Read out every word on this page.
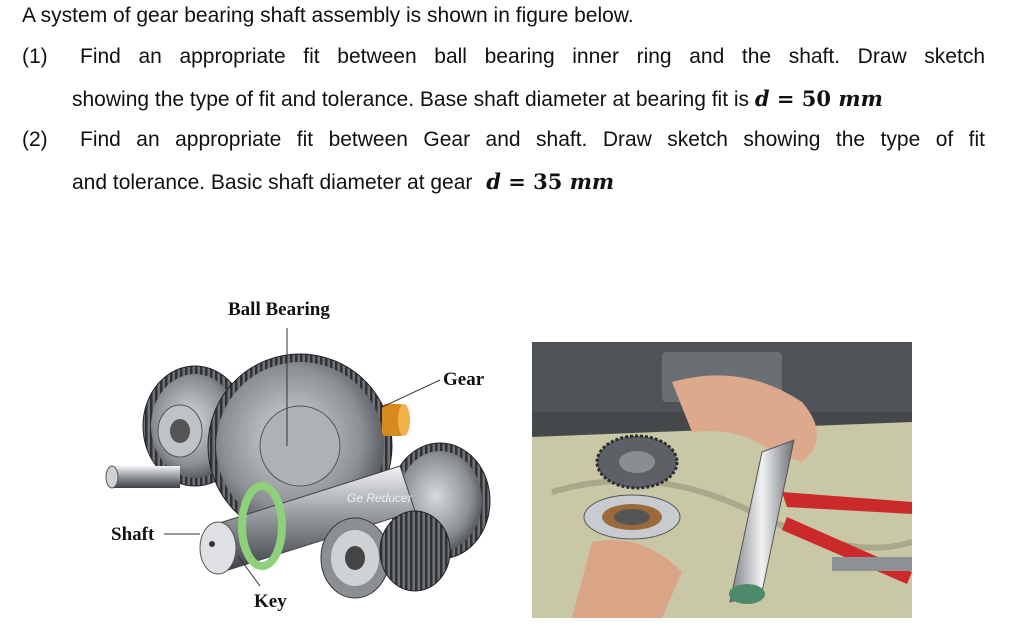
A system of gear bearing shaft assembly is shown in figure below.
(1) Find an appropriate fit between ball bearing inner ring and the shaft. Draw sketch
showing the type of fit and tolerance. Base shaft diameter at bearing fit is d = 50 mm
(2) Find an appropriate fit between Gear and shaft. Draw sketch showing the type of fit
and tolerance. Basic shaft diameter at gear d = 35 mm
Ge Reducer
Ball Bearing
Gear
Shaft
Key
